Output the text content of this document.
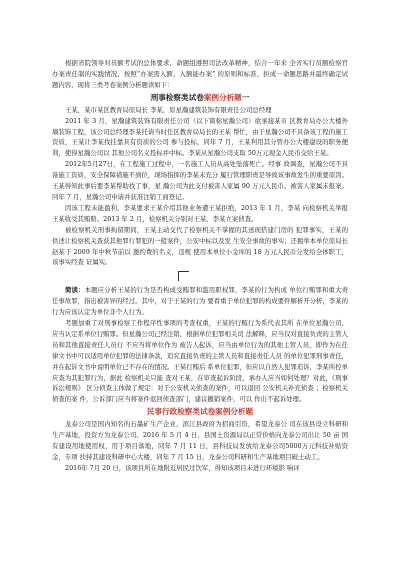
根据省院领导对员额考试的总体要求，命题组遵照司法改革精神，结合一年来 全省实行员额检察官办案责任制的实践情况，按照“办案需入额、入额能办案” 的原则和标准，拒成一命题思路并最终确定试题内容，现将三类考卷案例分析题读如下：

刑事检察类试卷案例分析题一

王某，某市某区教育局原局长 李某，原星瀚建筑装饰有限责任公司总经理

2011 年 3 月，星瀚建筑装饰有限责任公司（以下简称星瀚公司）欲承接某市 区教育局办公大楼外墙装饰工程，该公司总经理李某托请当时任区教育局局长的王某 帮忙，由于星瀚公司不具备该工程的施工资质，王某让李某找挂靠具有资质的公司 参与投标，同年 7 月，王某利用其分管办公大楼建设的职务便利，使得星瀚公司以 其他公司名义投标并中标。李某从星瀚公司支取 50万元现金人民币交给王某。

2012年5月27日，在工程施工过程中，一名施工人员从高处坠落死亡。经事 故调查，星瀚公司不具备施工资质，安全保障措施不到位，现场指挥的李某未充分 履行管理职责是导致该事故发生的重要原因。王某得知此事后要李某帮助找了事，星 瀚公司为此支付被害人家属 90 万元人民币。被害人家属未报案。同年 7 月，星瀚公司申请并获准注销工商登记。

因该工程未能盈利，李某要求王某介绍其他业务遭王某拒绝，2013 年 1 月，李某 向检察机关举报王某收受其贿赂。2013 年 2 月，检察机关分别对王某、李某立案侦查。

被检察机关刑事拘留期间，王某主动交代了检察机关不掌握的其送现搭建门房的 犯罪事实，王某的供述让检察机关查获其他罪行罪犯的一般案件，公安中标以及发 生安全事故的事实；还揭举本单位原局长赵某于 2009 年中秋节前以 邀约费的名义，违规 使用本单位小金库的 18 万元人民币分发给全体职工，该事实经查 证属实。

简读：本题应分析王某的行为是否构成受贿罪和滥用职权罪，李某的行为构成 单位行贿罪和重大责任事故罪，指出被害异的经过。其中，对于王某的行为 要看重于单位犯罪的构成要件解析开分析，李某的行为应该认定为单位非个人行为。

考题加重了对刑事检察工作程序性事项的考查权重，王某的行贿行为系代表其所 在单位星瀚公司，应当认定系单位行贿罪。但星瀚公司已经注销，根据单位犯罪相关司 法解释，应当仅对直接负责的主管人员和其他直接责任人员行 不应当将单位作为 被告人起诉，应当由单位行为的其他主管人员，即作为在任 律文书中可以适用单位犯罪的法律条款，追究直接负责的主管人员和直接责任人员 的单位犯罪刑事责任，并在起诉文书中说明单位已不存在的情况。王某行贿后 系单位犯罪，但应以自然人犯罪追诉，李某所控单应查为其犯罪行为，据此 检察机关只能 查对王某，在审查起诉阶段，承办人应当如何处理？对此，《刑事 诉讼规则》 区分侦查主体做了规定：对于公安机关侦查的案件，可以退回 公安机关补充侦查 ；检察机关侦查的案 件，公诉部门应当将案件退回侦查部门，建议撤销案件，可以 作出不起诉处理。

民事行政检察类试卷案例分析题

龙泰公司是国内知名的石墨矿生产企业，滨江县政府为招商引资，希望龙泰公 司在该县设立科研和生产基地，投资方为龙泰公司。2016 年 5 月 4 日，县国土资源局以正常价格向龙泰公司出让 50 亩 国有建设用地使用权，用于项目落地，同年 7 月 11 日，县科技局发放给龙泰公司5000万元科技补贴资金，专项 扶持其建设科研中心大楼，同年 7 月 15 日，龙泰公司科研和生产基地项目破土动工。

2016年 7月 20 日，该项目所在地附近居民过饮军，得知该项目未进行环境影 响评
